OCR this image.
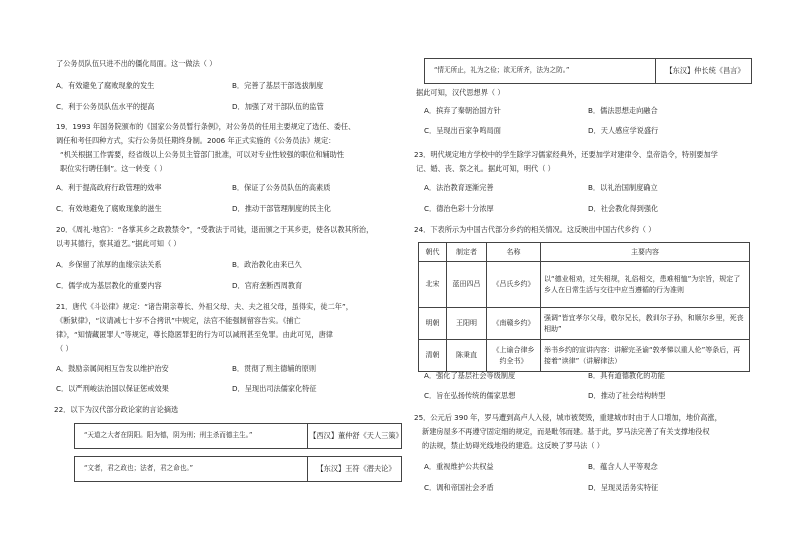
了公务员队伍只进不出的僵化局面。这一做法（ ）
A．有效避免了腐败现象的发生	B．完善了基层干部选拔制度
C．利于公务员队伍水平的提高	D．加强了对干部队伍的监管
19．1993 年国务院颁布的《国家公务员暂行条例》，对公务员的任用主要规定了选任、委任、
调任和考任四种方式，实行公务员任期终身制。2006 年正式实施的《公务员法》规定：
“机关根据工作需要，经省级以上公务员主管部门批准，可以对专业性较强的职位和辅助性
职位实行聘任制”。这一转变（ ）
A．利于提高政府行政管理的效率	B．保证了公务员队伍的高素质
C．有效地避免了腐败现象的滋生	D．推动干部管理制度的民主化
20．《周礼·地官》：“各掌其乡之政教禁令”，“受教法于司徒，退而颁之于其乡吏，使各以教其所治，
以考其德行，察其道艺。”据此可知（ ）
A．乡保留了浓厚的血缘宗法关系	B．政治教化由来已久
C．儒学成为基层教化的重要内容	D．官府垄断西周教育
21．唐代《斗讼律》规定：“诸告期亲尊长、外祖父母、夫、夫之祖父母，虽得实，徒二年”，
《断狱律》，“议请减七十岁不合拷讯”中规定，法官不能强制留容告实。《捕亡
律》，“知情藏匿罪人”等规定，尊长隐匿罪犯的行为可以减刑甚至免罪。由此可见，唐律
（ ）
A．鼓励亲属间相互告发以维护治安	B．贯彻了刑主德辅的原则
C．以严刑峻法治国以保证惩戒效果	D．呈现出司法儒家化特征
22．以下为汉代部分政论家的言论摘选
“天道之大者在阴阳。阳为德，阴为刑；刑主杀而德主生。”	【西汉】董仲舒《天人三策》
“文者，君之政也；法者，君之命也。”	【东汉】王符《潜夫论》
“情无所止，礼为之俭；欲无所齐，法为之防。”	【东汉】仲长统《昌言》
据此可知，汉代思想界（ ）
A．摈弃了秦朝治国方针	B．儒法思想走向融合
C．呈现出百家争鸣局面	D．天人感应学说盛行
23．明代规定地方学校中的学生除学习儒家经典外，还要加学对建律令、皇帝诰令，特别要加学
记、婚、丧、祭之礼。据此可知，明代（ ）
A．法治教育逐渐完善	B．以礼治国制度确立
C．德治色彩十分浓厚	D．社会教化得到强化
24．下表所示为中国古代部分乡约的相关情况。这反映出中国古代乡约（ ）
朝代	制定者	名称	主要内容
北宋	蓝田四吕	《吕氏乡约》	以“德业相劝，过失相规，礼俗相交，患难相恤”为宗旨，规定了乡人在日常生活与交往中应当遵循的行为准则
明朝	王阳明	《南赣乡约》	强调“皆宜孝尔父母，敬尔兄长，教训尔子孙，和顺尔乡里，死丧相助”
清朝	陈秉直	《上谕合律乡约全书》	举书乡约的宣讲内容：讲解完圣谕“敦孝悌以重人伦”等条后，再接着“读律”（讲解律法）
A．强化了基层社会等级制度	B．具有道德教化的功能
C．旨在弘扬传统的儒家思想	D．推动了社会结构转型
25．公元后 390 年，罗马遭到高卢人入侵，城市被焚毁，重建城市时由于人口增加，地价高涨，
新建房屋多不再遵守固定细的规定，而是毗邻而建。基于此，罗马法完善了有关支撑地役权
的法规，禁止妨碍光线地役的建造。这反映了罗马法（ ）
A．重视维护公共权益	B．蕴含人人平等观念
C．调和帝国社会矛盾	D．呈现灵活务实特征
